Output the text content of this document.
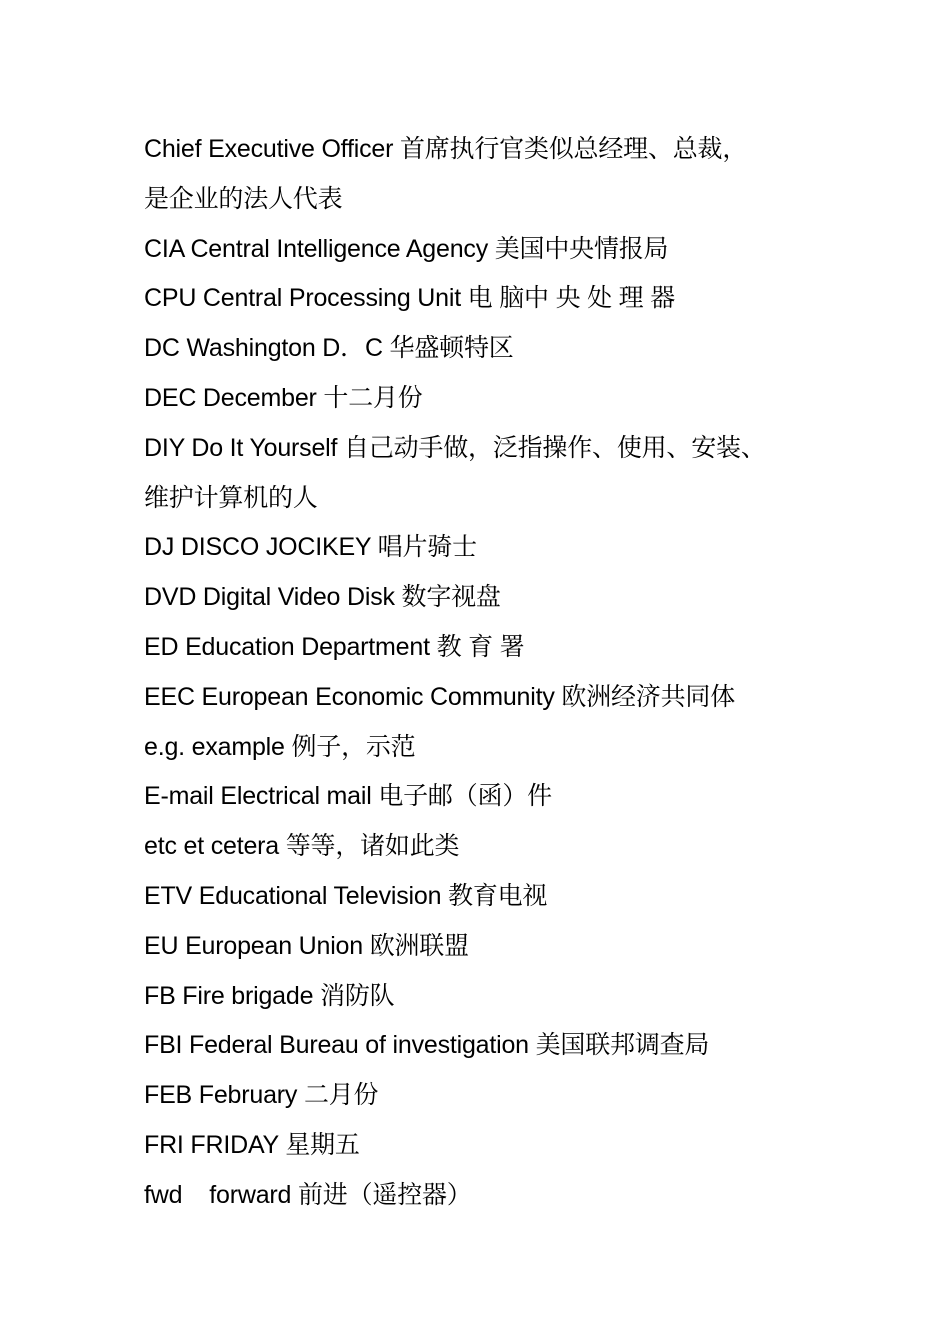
Chief Executive Officer 首席执行官类似总经理、总裁，
是企业的法人代表
CIA Central Intelligence Agency 美国中央情报局
CPU Central Processing Unit 电 脑中 央 处 理 器
DC Washington D．C 华盛顿特区
DEC December 十二月份
DIY Do It Yourself 自己动手做，泛指操作、使用、安装、
维护计算机的人
DJ DISCO JOCIKEY 唱片骑士
DVD Digital Video Disk 数字视盘
ED Education Department 教 育 署
EEC European Economic Community 欧洲经济共同体
e.g. example 例子，示范
E-mail Electrical mail 电子邮（函）件
etc et cetera 等等，诸如此类
ETV Educational Television 教育电视
EU European Union 欧洲联盟
FB Fire brigade 消防队
FBI Federal Bureau of investigation 美国联邦调查局
FEB February 二月份
FRI FRIDAY 星期五
fwd    forward 前进（遥控器）
